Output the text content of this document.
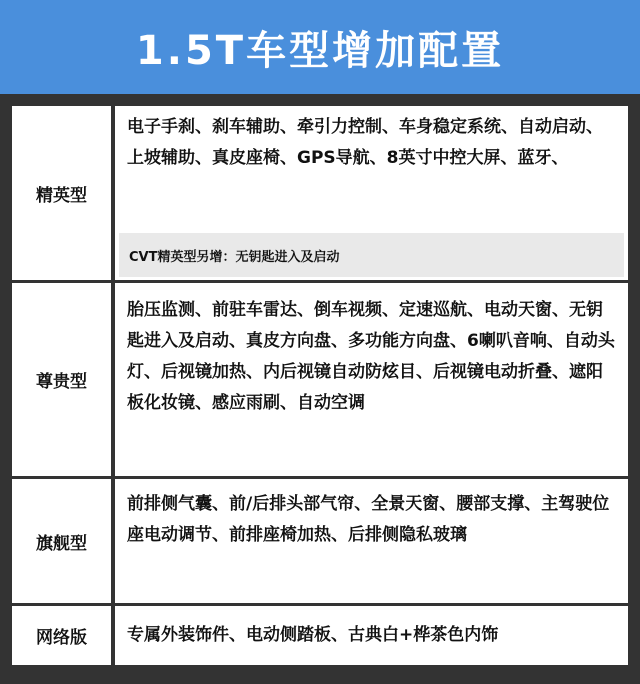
1.5T车型增加配置
精英型
电子手刹、刹车辅助、牵引力控制、车身稳定系统、自动启动、上坡辅助、真皮座椅、GPS导航、8英寸中控大屏、蓝牙、
CVT精英型另增：无钥匙进入及启动
尊贵型
胎压监测、前驻车雷达、倒车视频、定速巡航、电动天窗、无钥匙进入及启动、真皮方向盘、多功能方向盘、6喇叭音响、自动头灯、后视镜加热、内后视镜自动防炫目、后视镜电动折叠、遮阳板化妆镜、感应雨刷、自动空调
旗舰型
前排侧气囊、前/后排头部气帘、全景天窗、腰部支撑、主驾驶位座电动调节、前排座椅加热、后排侧隐私玻璃
网络版	专属外装饰件、电动侧踏板、古典白+桦茶色内饰
